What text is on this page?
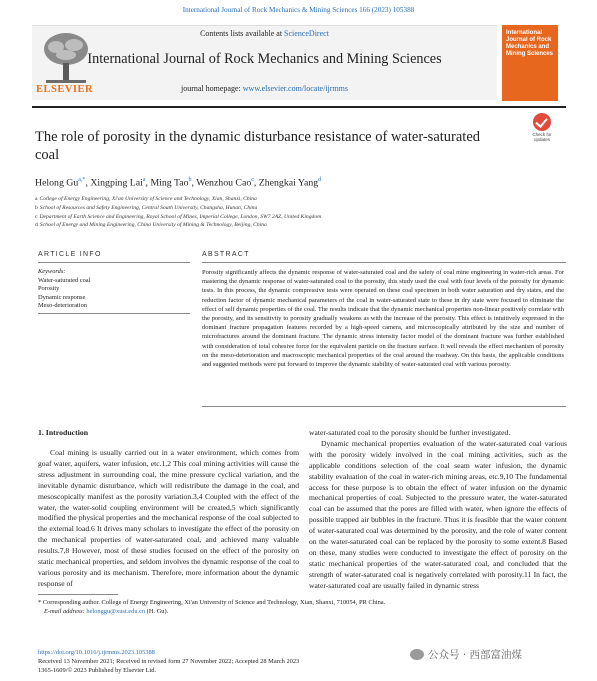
International Journal of Rock Mechanics & Mining Sciences 166 (2023) 105388
ELSEVIER
Contents lists available at ScienceDirect
International Journal of Rock Mechanics and Mining Sciences
journal homepage: www.elsevier.com/locate/ijrmms
International Journal of Rock Mechanics and Mining Sciences
The role of porosity in the dynamic disturbance resistance of water-saturated coal
Check for updates
Helong $Gu^{a,*}$, Xingping Lai$^a$, Ming Tao$^b$, Wenzhou Cao$^c$, Zhengkai Yang$^d$
a College of Energy Engineering, Xi'an University of Science and Technology, Xian, Shanxi, China
b School of Resources and Safety Engineering, Central South University, Changsha, Hunan, China
c Department of Earth Science and Engineering, Royal School of Mines, Imperial College, London, SW7 2AZ, United Kingdom
d School of Energy and Mining Engineering, China University of Mining & Technology, Beijing, China
ARTICLE INFO	ABSTRACT
Keywords:
Water-saturated coal
Porosity
Dynamic response
Meso-deterioration
Porosity significantly affects the dynamic response of water-saturated coal and the safety of coal mine engineering in water-rich areas. For mastering the dynamic response of water-saturated coal to the porosity, this study used the coal with four levels of the porosity for dynamic tests. In this process, the dynamic compressive tests were operated on these coal specimen in both water saturation and dry states, and the reduction factor of dynamic mechanical parameters of the coal in water-saturated state to these in dry state were focused to eliminate the effect of self dynamic properties of the coal. The results indicate that the dynamic mechanical properties non-linear positively correlate with the porosity, and its sensitivity to porosity gradually weakens as with the increase of the porosity. This effect is intuitively expressed in the dominant fracture propagation features recorded by a high-speed camera, and microscopically attributed by the size and number of microfractures around the dominant fracture. The dynamic stress intensity factor model of the dominant fracture was further established with consideration of total cohesive force for the equivalent particle on the fracture surface. It well reveals the effect mechanism of porosity on the meso-deterioration and macroscopic mechanical properties of the coal around the roadway. On this basis, the applicable conditions and suggested methods were put forward to improve the dynamic stability of water-saturated coal with various porosity.
1. Introduction

Coal mining is usually carried out in a water environment, which comes from goaf water, aquifers, water infusion, etc.1,2 This coal mining activities will cause the stress adjustment in surrounding coal, the mine pressure cyclical variation, and the inevitable dynamic disturbance, which will redistribute the damage in the coal, and mesoscopically manifest as the porosity variation.3,4 Coupled with the effect of the water, the water-solid coupling environment will be created,5 which significantly modified the physical properties and the mechanical response of the coal subjected to the external load.6 It drives many scholars to investigate the effect of the porosity on the mechanical properties of water-saturated coal, and achieved many valuable results.7,8 However, most of these studies focused on the effect of the porosity on static mechanical properties, and seldom involves the dynamic response of the coal to various porosity and its mechanism. Therefore, more information about the dynamic response of

water-saturated coal to the porosity should be further investigated.

Dynamic mechanical properties evaluation of the water-saturated coal various with the porosity widely involved in the coal mining activities, such as the applicable conditions selection of the coal seam water infusion, the dynamic stability evaluation of the coal in water-rich mining areas, etc.9,10 The fundamental access for these purpose is to obtain the effect of water infusion on the dynamic mechanical properties of coal. Subjected to the pressure water, the water-saturated coal can be assumed that the pores are filled with water, when ignore the effects of possible trapped air bubbles in the fracture. Thus it is feasible that the water content of water-saturated coal was determined by the porosity, and the role of water content on the water-saturated coal can be replaced by the porosity to some extent.8 Based on these, many studies were conducted to investigate the effect of porosity on the static mechanical properties of the water-saturated coal, and concluded that the strength of water-saturated coal is negatively correlated with porosity.11 In fact, the water-saturated coal are usually failed in dynamic stress

* Corresponding author. College of Energy Engineering, Xi'an University of Science and Technology, Xian, Shanxi, 710054, PR China.
E-mail address: helonggu@xust.edu.cn (H. Gu).
https://doi.org/10.1016/j.ijrmms.2023.105388
Received 13 November 2021; Received in revised form 27 November 2022; Accepted 28 March 2023
1365-1609/© 2023 Published by Elsevier Ltd.
公众号 · 西部富油煤
